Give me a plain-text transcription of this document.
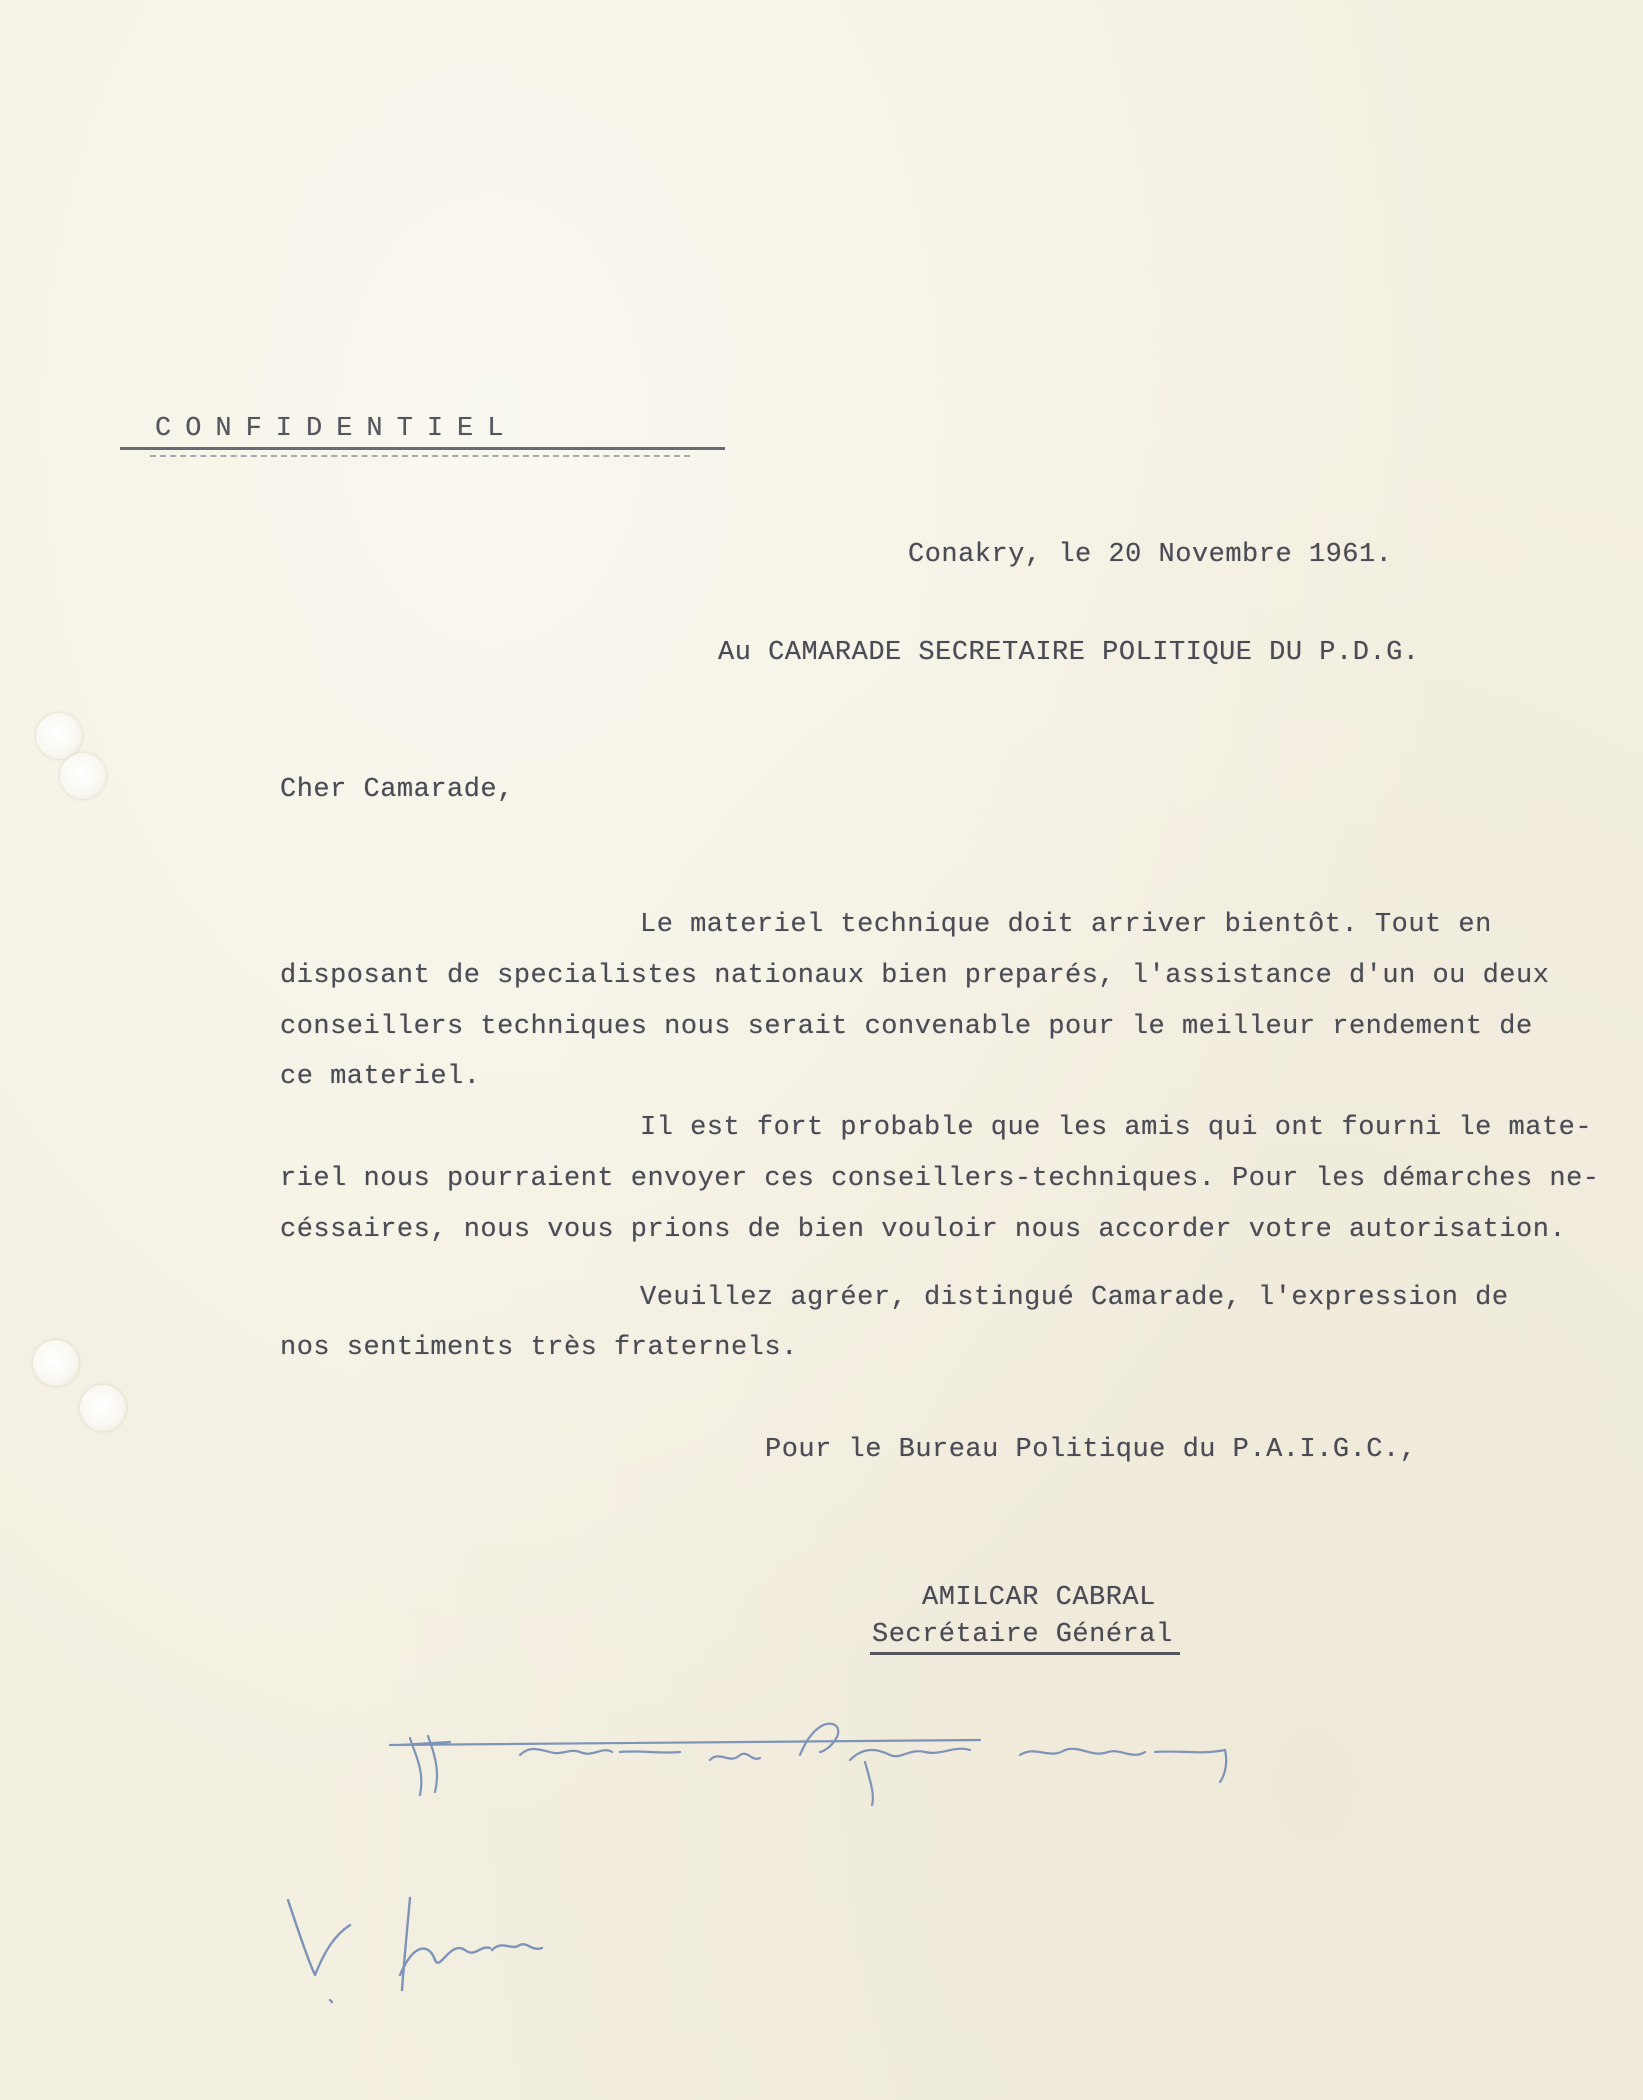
CONFIDENTIEL
Conakry, le 20 Novembre 1961.
Au CAMARADE SECRETAIRE POLITIQUE DU P.D.G.
Cher Camarade,
Le materiel technique doit arriver bientôt. Tout en
disposant de specialistes nationaux bien preparés, l'assistance d'un ou deux
conseillers techniques nous serait convenable pour le meilleur rendement de
ce materiel.
Il est fort probable que les amis qui ont fourni le mate-
riel nous pourraient envoyer ces conseillers-techniques. Pour les démarches ne-
céssaires, nous vous prions de bien vouloir nous accorder votre autorisation.
Veuillez agréer, distingué Camarade, l'expression de
nos sentiments très fraternels.
Pour le Bureau Politique du P.A.I.G.C.,
AMILCAR CABRAL
Secrétaire Général
